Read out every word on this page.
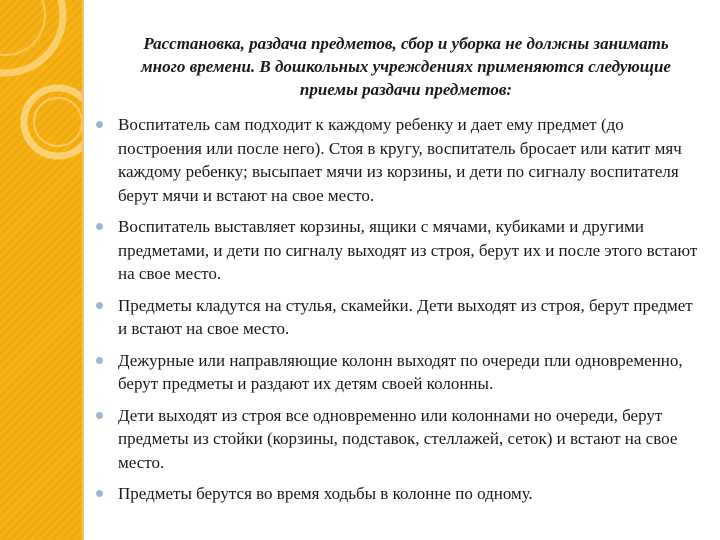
Расстановка, раздача предметов, сбор и уборка не должны занимать много времени. В дошкольных учреждениях применяются следующие приемы раздачи предметов:
Воспитатель сам подходит к каждому ребенку и дает ему предмет (до построения или после него). Стоя в кругу, воспитатель бросает или катит мяч каждому ребенку; высыпает мячи из корзины, и дети по сигналу воспитателя берут мячи и встают на свое место.
Воспитатель выставляет корзины, ящики с мячами, кубиками и другими предметами, и дети по сигналу выходят из строя, берут их и после этого встают на свое место.
Предметы кладутся на стулья, скамейки. Дети выходят из строя, берут предмет и встают на свое место.
Дежурные или направляющие колонн выходят по очереди пли одновременно, берут предметы и раздают их детям своей колонны.
Дети выходят из строя все одновременно или колоннами но очереди, берут предметы из стойки (корзины, подставок, стеллажей, сеток) и встают на свое место.
Предметы берутся во время ходьбы в колонне по одному.
